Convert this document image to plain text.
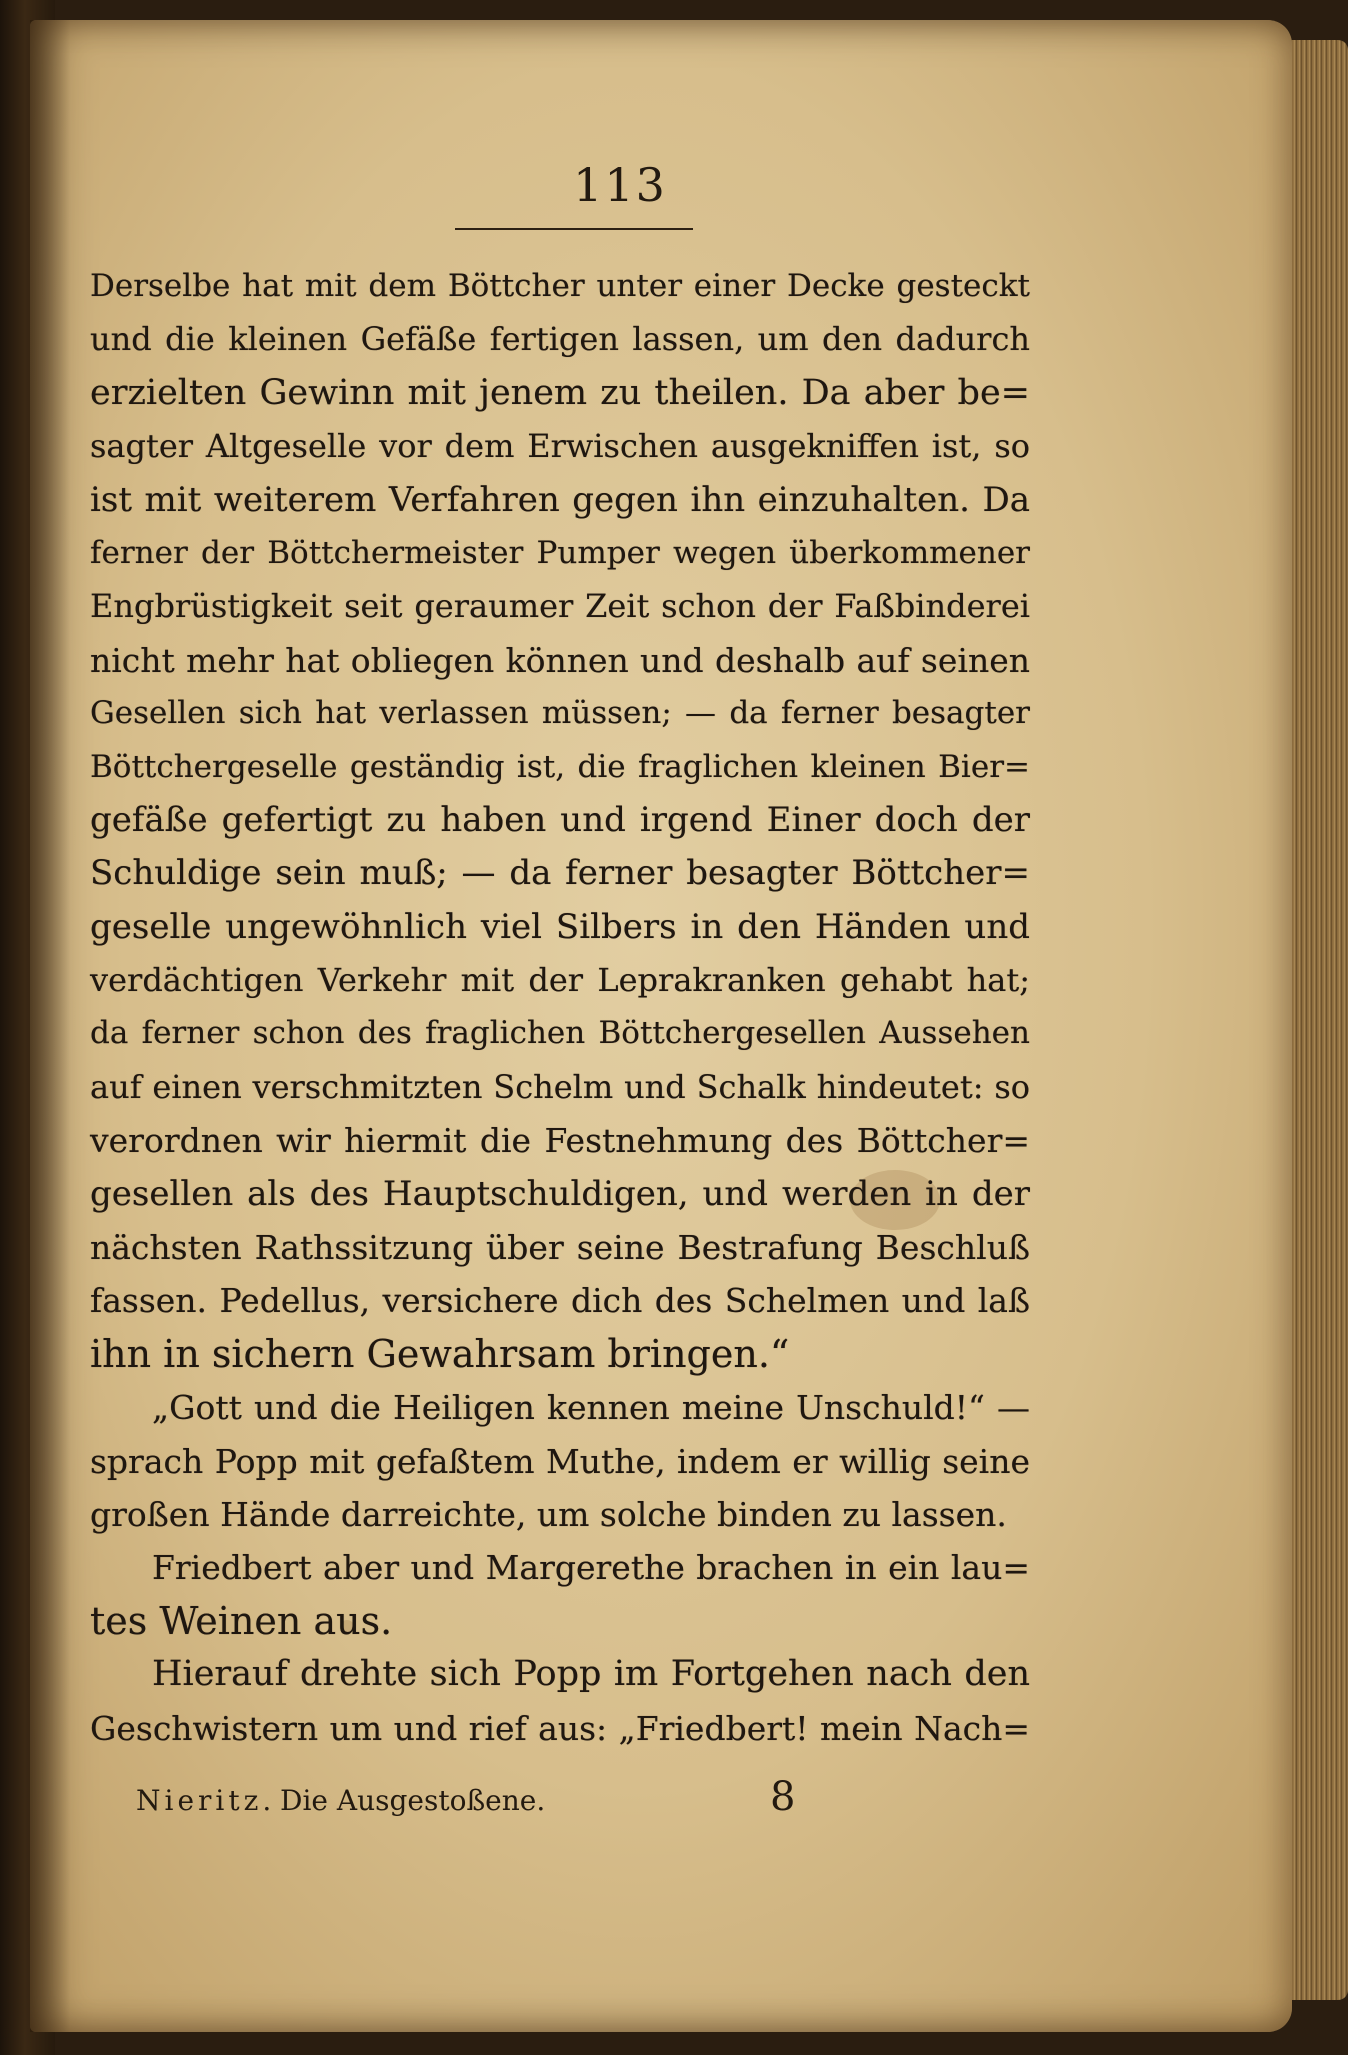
113
Derselbe hat mit dem Böttcher unter einer Decke gesteckt
und die kleinen Gefäße fertigen lassen, um den dadurch
erzielten Gewinn mit jenem zu theilen. Da aber be=
sagter Altgeselle vor dem Erwischen ausgekniffen ist, so
ist mit weiterem Verfahren gegen ihn einzuhalten. Da
ferner der Böttchermeister Pumper wegen überkommener
Engbrüstigkeit seit geraumer Zeit schon der Faßbinderei
nicht mehr hat obliegen können und deshalb auf seinen
Gesellen sich hat verlassen müssen; — da ferner besagter
Böttchergeselle geständig ist, die fraglichen kleinen Bier=
gefäße gefertigt zu haben und irgend Einer doch der
Schuldige sein muß; — da ferner besagter Böttcher=
geselle ungewöhnlich viel Silbers in den Händen und
verdächtigen Verkehr mit der Leprakranken gehabt hat;
da ferner schon des fraglichen Böttchergesellen Aussehen
auf einen verschmitzten Schelm und Schalk hindeutet: so
verordnen wir hiermit die Festnehmung des Böttcher=
gesellen als des Hauptschuldigen, und werden in der
nächsten Rathssitzung über seine Bestrafung Beschluß
fassen. Pedellus, versichere dich des Schelmen und laß
ihn in sichern Gewahrsam bringen.“
„Gott und die Heiligen kennen meine Unschuld!“ —
sprach Popp mit gefaßtem Muthe, indem er willig seine
großen Hände darreichte, um solche binden zu lassen.
Friedbert aber und Margerethe brachen in ein lau=
tes Weinen aus.
Hierauf drehte sich Popp im Fortgehen nach den
Geschwistern um und rief aus: „Friedbert! mein Nach=
Nieritz. Die Ausgestoßene.	8
